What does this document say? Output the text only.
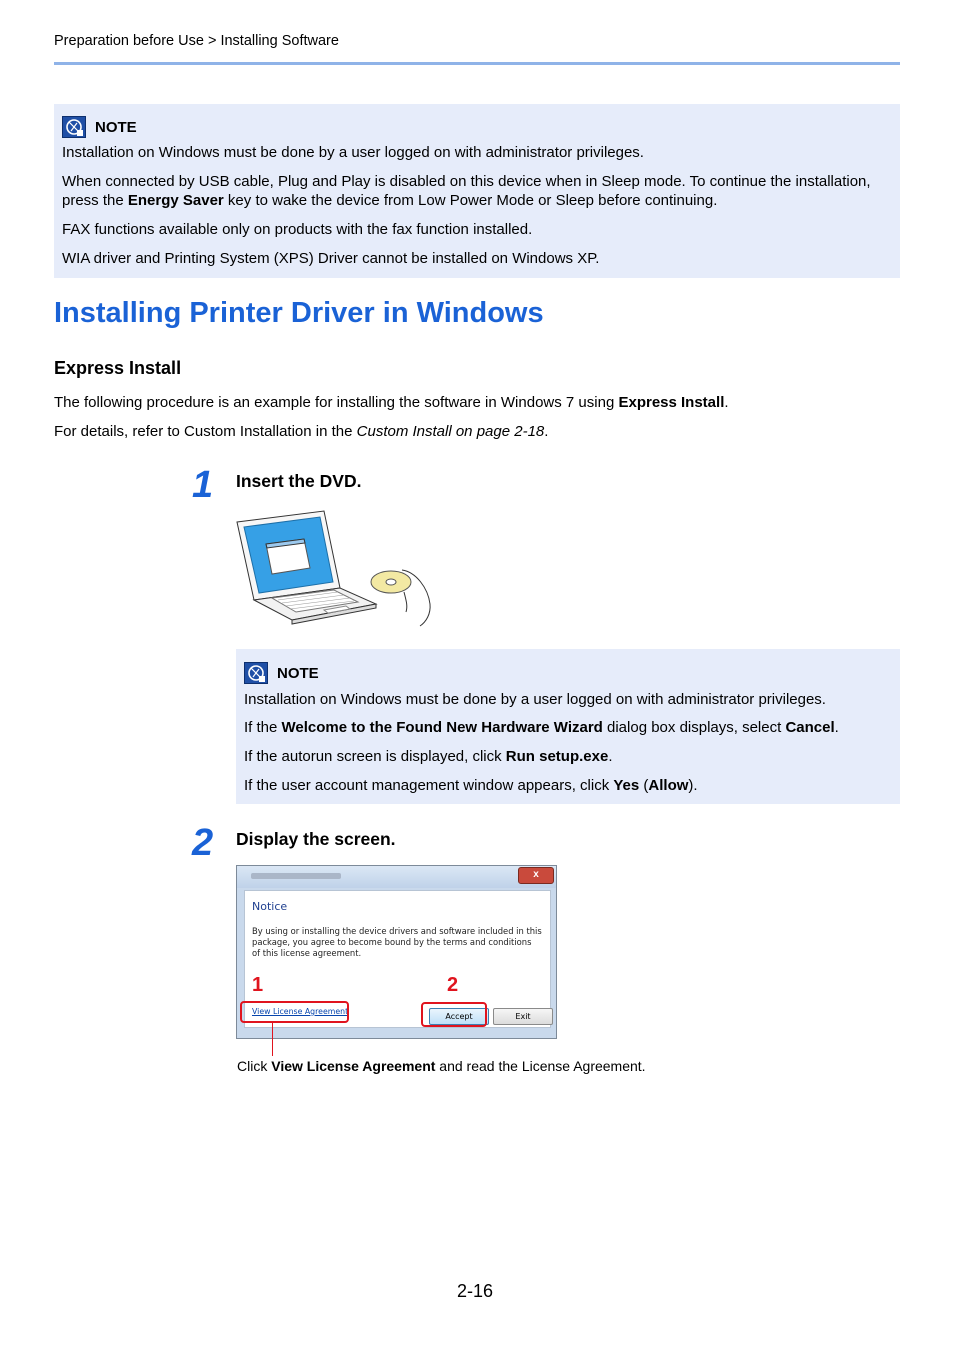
Preparation before Use > Installing Software
NOTE

Installation on Windows must be done by a user logged on with administrator privileges.

When connected by USB cable, Plug and Play is disabled on this device when in Sleep mode. To continue the installation, press the Energy Saver key to wake the device from Low Power Mode or Sleep before continuing.

FAX functions available only on products with the fax function installed.

WIA driver and Printing System (XPS) Driver cannot be installed on Windows XP.

Installing Printer Driver in Windows
Express Install
The following procedure is an example for installing the software in Windows 7 using Express Install.
For details, refer to Custom Installation in the Custom Install on page 2-18.
1 Insert the DVD.
NOTE

Installation on Windows must be done by a user logged on with administrator privileges.

If the Welcome to the Found New Hardware Wizard dialog box displays, select Cancel.

If the autorun screen is displayed, click Run setup.exe.

If the user account management window appears, click Yes (Allow).

2 Display the screen.
x
Notice
By using or installing the device drivers and software included in this package, you agree to become bound by the terms and conditions of this license agreement.
View License Agreement
Accept	Exit
1	2
Click View License Agreement and read the License Agreement.
2-16
